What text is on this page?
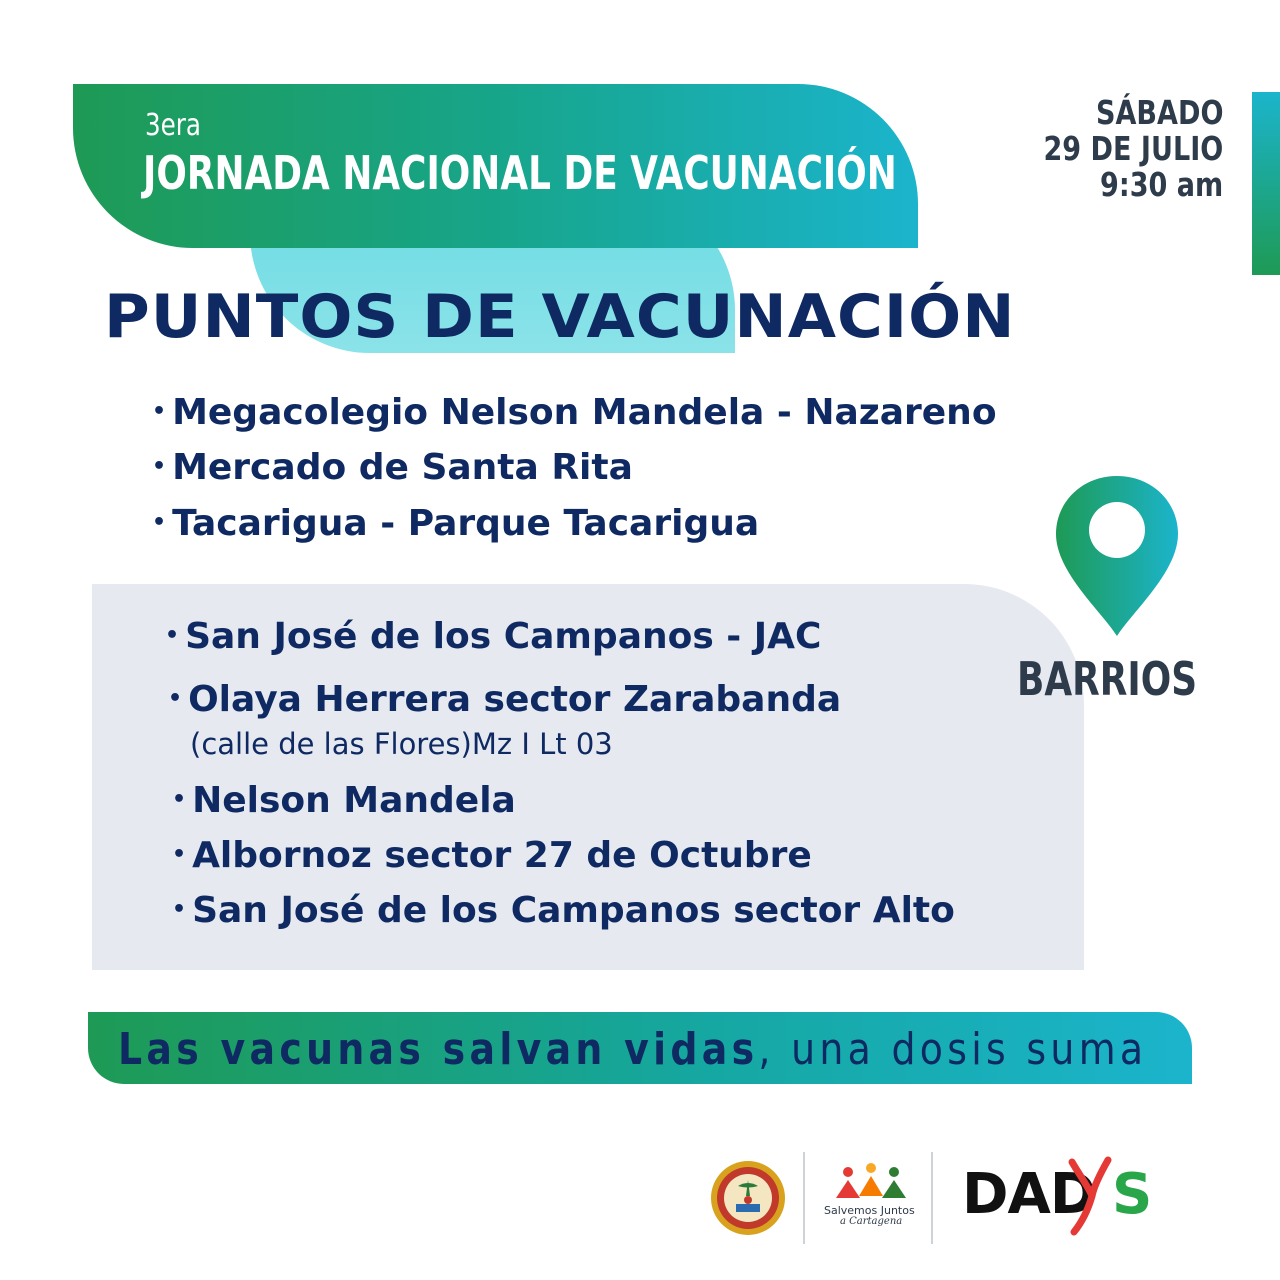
3era
JORNADA NACIONAL DE VACUNACIÓN
SÁBADO
29 DE JULIO
9:30 am
PUNTOS DE VACUNACIÓN
• Megacolegio Nelson Mandela - Nazareno
• Mercado de Santa Rita
• Tacarigua - Parque Tacarigua
• San José de los Campanos - JAC
• Olaya Herrera sector Zarabanda
(calle de las Flores)Mz I Lt 03
• Nelson Mandela
• Albornoz sector 27 de Octubre
• San José de los Campanos sector Alto
BARRIOS
Las vacunas salvan vidas, una dosis suma
Salvemos Juntos
a Cartagena DAD S
